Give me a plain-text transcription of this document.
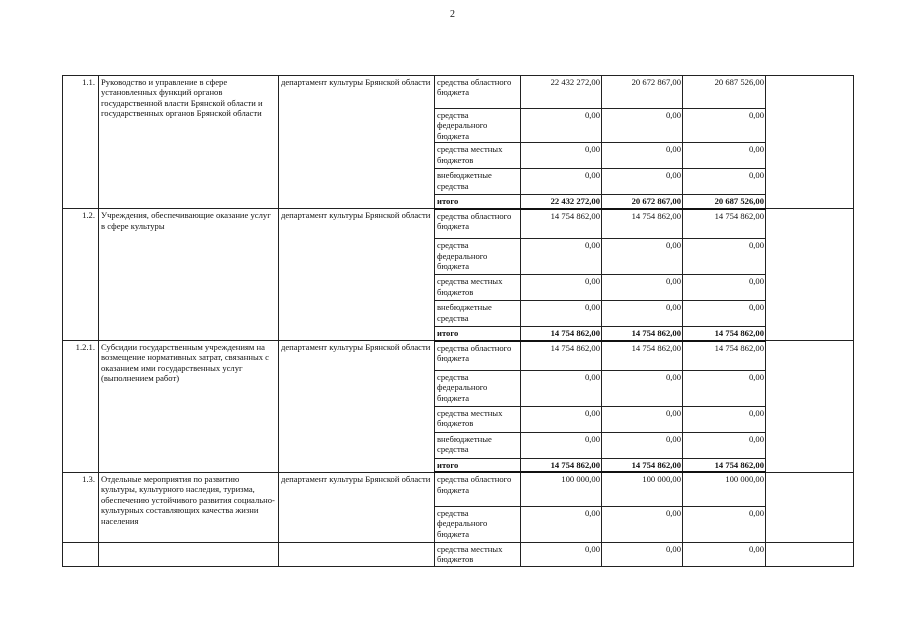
2
1.1.	Руководство и управление в сфере установленных функций органов государственной власти Брянской области и государственных органов Брянской области	департамент культуры Брянской области	средства областного бюджета	22 432 272,00	20 672 867,00	20 687 526,00	
			средства федерального бюджета	0,00	0,00	0,00	
			средства местных бюджетов	0,00	0,00	0,00	
			внебюджетные средства	0,00	0,00	0,00	
			итого	22 432 272,00	20 672 867,00	20 687 526,00	
1.2.	Учреждения, обеспечивающие оказание услуг в сфере культуры	департамент культуры Брянской области	средства областного бюджета	14 754 862,00	14 754 862,00	14 754 862,00	
			средства федерального бюджета	0,00	0,00	0,00	
			средства местных бюджетов	0,00	0,00	0,00	
			внебюджетные средства	0,00	0,00	0,00	
			итого	14 754 862,00	14 754 862,00	14 754 862,00	
1.2.1.	Субсидии государственным учреждениям на возмещение нормативных затрат, связанных с оказанием ими государственных услуг (выполнением работ)	департамент культуры Брянской области	средства областного бюджета	14 754 862,00	14 754 862,00	14 754 862,00	
			средства федерального бюджета	0,00	0,00	0,00	
			средства местных бюджетов	0,00	0,00	0,00	
			внебюджетные средства	0,00	0,00	0,00	
			итого	14 754 862,00	14 754 862,00	14 754 862,00	
1.3.	Отдельные мероприятия по развитию культуры, культурного наследия, туризма, обеспечению устойчивого развития социально-культурных составляющих качества жизни населения	департамент культуры Брянской области	средства областного бюджета	100 000,00	100 000,00	100 000,00	
			средства федерального бюджета	0,00	0,00	0,00	
			средства местных бюджетов	0,00	0,00	0,00	
